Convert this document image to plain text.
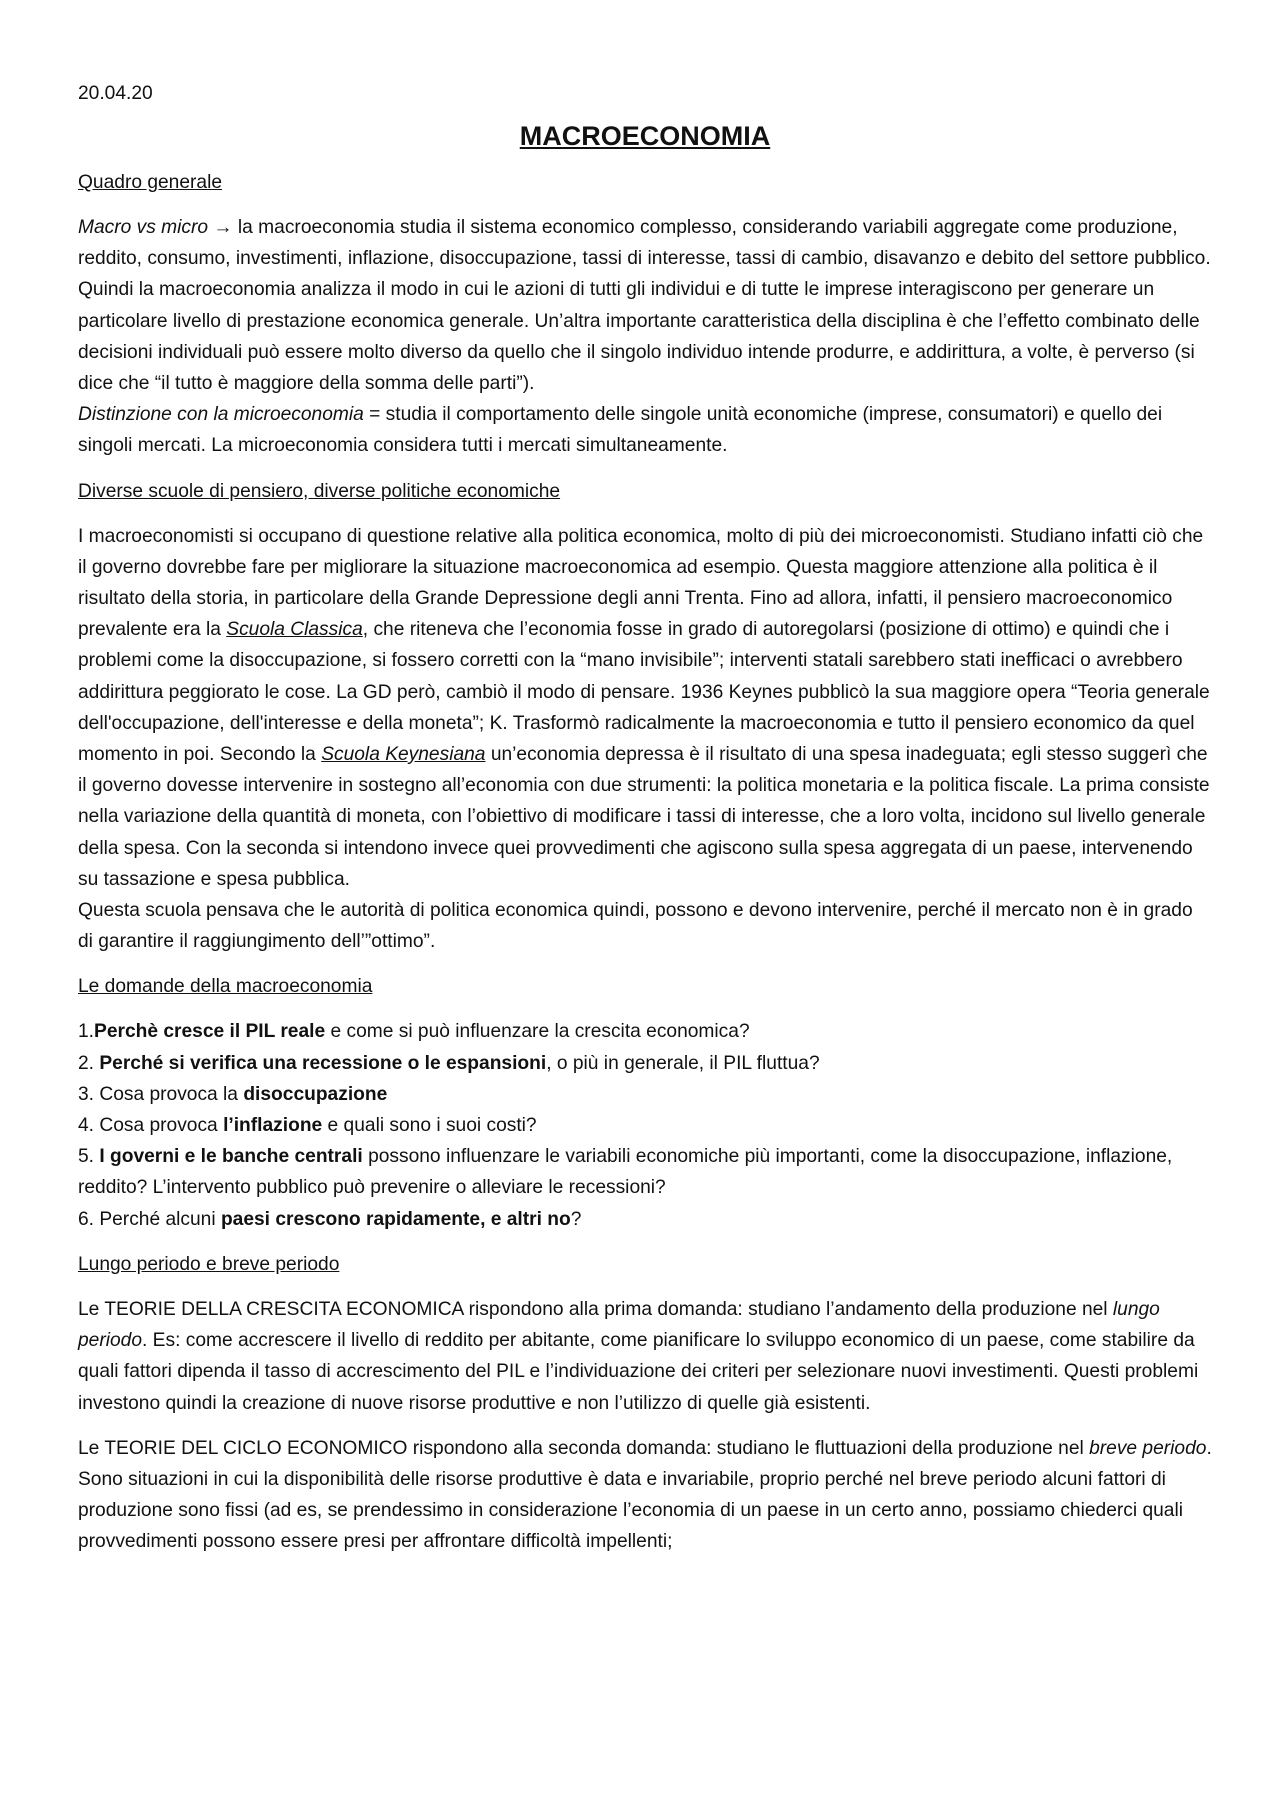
20.04.20
MACROECONOMIA
Quadro generale

Macro vs micro → la macroeconomia studia il sistema economico complesso, considerando variabili aggregate come produzione, reddito, consumo, investimenti, inflazione, disoccupazione, tassi di interesse, tassi di cambio, disavanzo e debito del settore pubblico. Quindi la macroeconomia analizza il modo in cui le azioni di tutti gli individui e di tutte le imprese interagiscono per generare un particolare livello di prestazione economica generale. Un’altra importante caratteristica della disciplina è che l’effetto combinato delle decisioni individuali può essere molto diverso da quello che il singolo individuo intende produrre, e addirittura, a volte, è perverso (si dice che “il tutto è maggiore della somma delle parti”).

Distinzione con la microeconomia = studia il comportamento delle singole unità economiche (imprese, consumatori) e quello dei singoli mercati. La microeconomia considera tutti i mercati simultaneamente.

Diverse scuole di pensiero, diverse politiche economiche

I macroeconomisti si occupano di questione relative alla politica economica, molto di più dei microeconomisti. Studiano infatti ciò che il governo dovrebbe fare per migliorare la situazione macroeconomica ad esempio. Questa maggiore attenzione alla politica è il risultato della storia, in particolare della Grande Depressione degli anni Trenta. Fino ad allora, infatti, il pensiero macroeconomico prevalente era la Scuola Classica, che riteneva che l’economia fosse in grado di autoregolarsi (posizione di ottimo) e quindi che i problemi come la disoccupazione, si fossero corretti con la “mano invisibile”; interventi statali sarebbero stati inefficaci o avrebbero addirittura peggiorato le cose. La GD però, cambiò il modo di pensare. 1936 Keynes pubblicò la sua maggiore opera “Teoria generale dell'occupazione, dell'interesse e della moneta”; K. Trasformò radicalmente la macroeconomia e tutto il pensiero economico da quel momento in poi. Secondo la Scuola Keynesiana un’economia depressa è il risultato di una spesa inadeguata; egli stesso suggerì che il governo dovesse intervenire in sostegno all’economia con due strumenti: la politica monetaria e la politica fiscale. La prima consiste nella variazione della quantità di moneta, con l’obiettivo di modificare i tassi di interesse, che a loro volta, incidono sul livello generale della spesa. Con la seconda si intendono invece quei provvedimenti che agiscono sulla spesa aggregata di un paese, intervenendo su tassazione e spesa pubblica.

Questa scuola pensava che le autorità di politica economica quindi, possono e devono intervenire, perché il mercato non è in grado di garantire il raggiungimento dell’”ottimo”.

Le domande della macroeconomia
1.Perchè cresce il PIL reale e come si può influenzare la crescita economica?
2. Perché si verifica una recessione o le espansioni, o più in generale, il PIL fluttua?
3. Cosa provoca la disoccupazione
4. Cosa provoca l’inflazione e quali sono i suoi costi?
5. I governi e le banche centrali possono influenzare le variabili economiche più importanti, come la disoccupazione, inflazione, reddito? L’intervento pubblico può prevenire o alleviare le recessioni?
6. Perché alcuni paesi crescono rapidamente, e altri no?
Lungo periodo e breve periodo

Le TEORIE DELLA CRESCITA ECONOMICA rispondono alla prima domanda: studiano l’andamento della produzione nel lungo periodo. Es: come accrescere il livello di reddito per abitante, come pianificare lo sviluppo economico di un paese, come stabilire da quali fattori dipenda il tasso di accrescimento del PIL e l’individuazione dei criteri per selezionare nuovi investimenti. Questi problemi investono quindi la creazione di nuove risorse produttive e non l’utilizzo di quelle già esistenti.

Le TEORIE DEL CICLO ECONOMICO rispondono alla seconda domanda: studiano le fluttuazioni della produzione nel breve periodo. Sono situazioni in cui la disponibilità delle risorse produttive è data e invariabile, proprio perché nel breve periodo alcuni fattori di produzione sono fissi (ad es, se prendessimo in considerazione l’economia di un paese in un certo anno, possiamo chiederci quali provvedimenti possono essere presi per affrontare difficoltà impellenti;
